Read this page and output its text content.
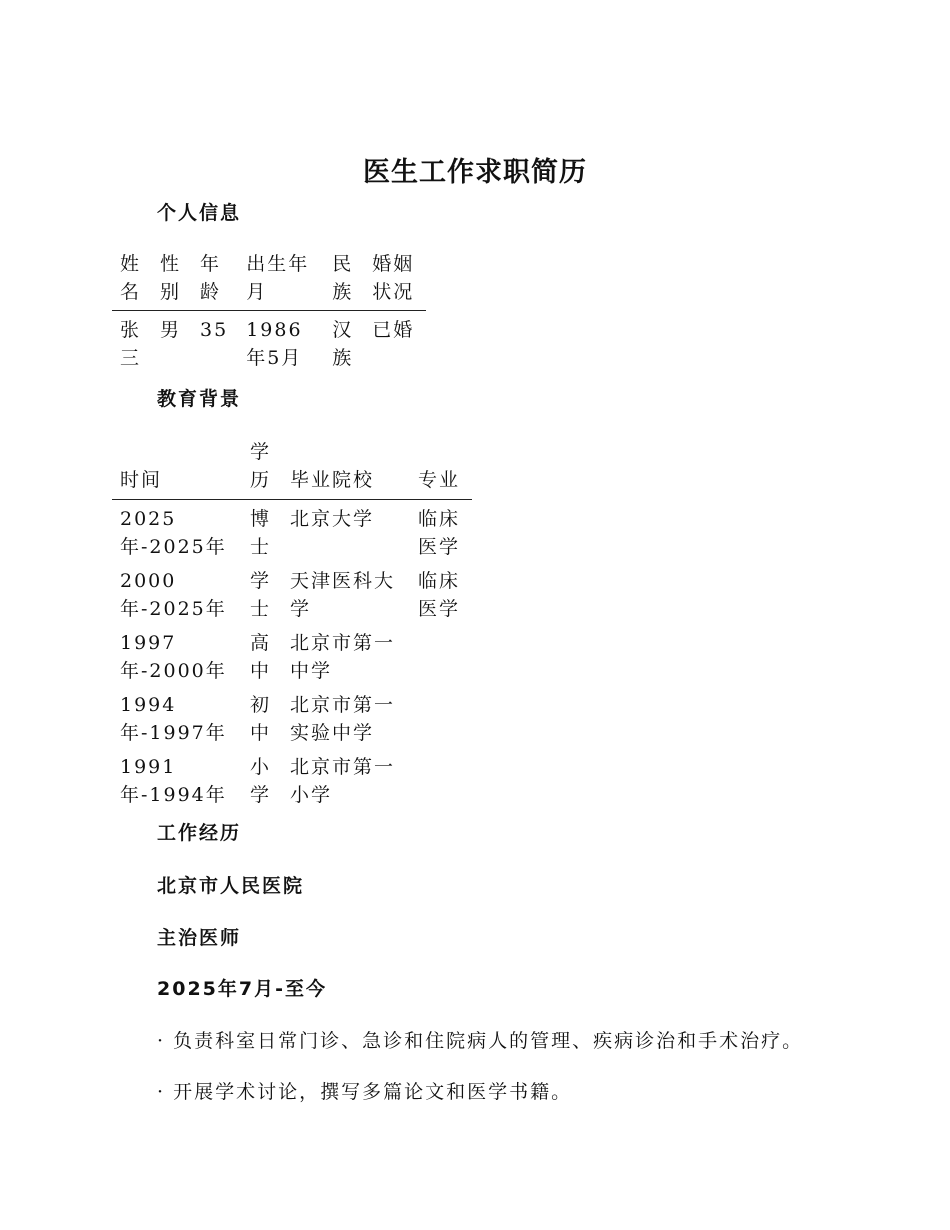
医生工作求职简历
个人信息
姓名	性别	年龄	出生年月	民族	婚姻状况
张三	男	35	1986年5月	汉族	已婚
教育背景
时间	学历	毕业院校	专业
2025年-2025年	博士	北京大学	临床医学
2000年-2025年	学士	天津医科大学	临床医学
1997年-2000年	高中	北京市第一中学	
1994年-1997年	初中	北京市第一实验中学	
1991年-1994年	小学	北京市第一小学	
工作经历
北京市人民医院
主治医师
2025年7月-至今
· 负责科室日常门诊、急诊和住院病人的管理、疾病诊治和手术治疗。
· 开展学术讨论，撰写多篇论文和医学书籍。
